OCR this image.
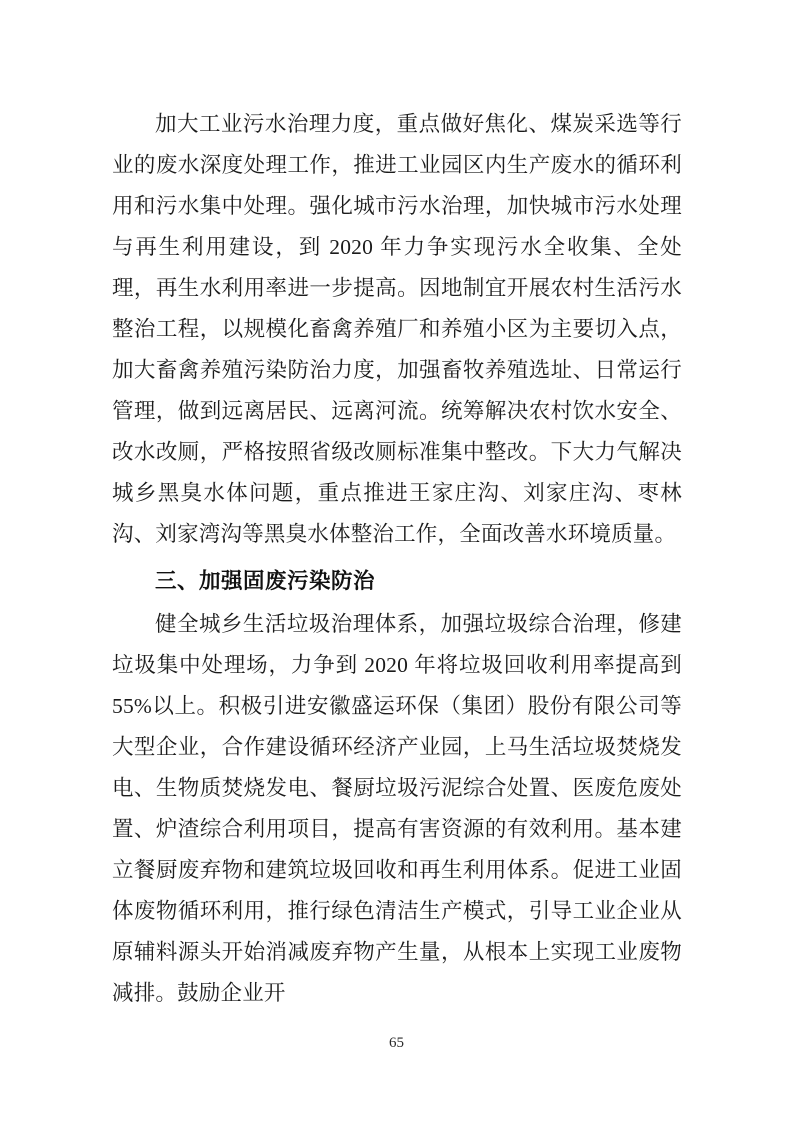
加大工业污水治理力度，重点做好焦化、煤炭采选等行业的废水深度处理工作，推进工业园区内生产废水的循环利用和污水集中处理。强化城市污水治理，加快城市污水处理与再生利用建设，到 2020 年力争实现污水全收集、全处理，再生水利用率进一步提高。因地制宜开展农村生活污水整治工程，以规模化畜禽养殖厂和养殖小区为主要切入点，加大畜禽养殖污染防治力度，加强畜牧养殖选址、日常运行管理，做到远离居民、远离河流。统筹解决农村饮水安全、改水改厕，严格按照省级改厕标准集中整改。下大力气解决城乡黑臭水体问题，重点推进王家庄沟、刘家庄沟、枣林沟、刘家湾沟等黑臭水体整治工作，全面改善水环境质量。

三、加强固废污染防治

健全城乡生活垃圾治理体系，加强垃圾综合治理，修建垃圾集中处理场，力争到 2020 年将垃圾回收利用率提高到 55%以上。积极引进安徽盛运环保（集团）股份有限公司等大型企业，合作建设循环经济产业园，上马生活垃圾焚烧发电、生物质焚烧发电、餐厨垃圾污泥综合处置、医废危废处置、炉渣综合利用项目，提高有害资源的有效利用。基本建立餐厨废弃物和建筑垃圾回收和再生利用体系。促进工业固体废物循环利用，推行绿色清洁生产模式，引导工业企业从原辅料源头开始消减废弃物产生量，从根本上实现工业废物减排。鼓励企业开

65
